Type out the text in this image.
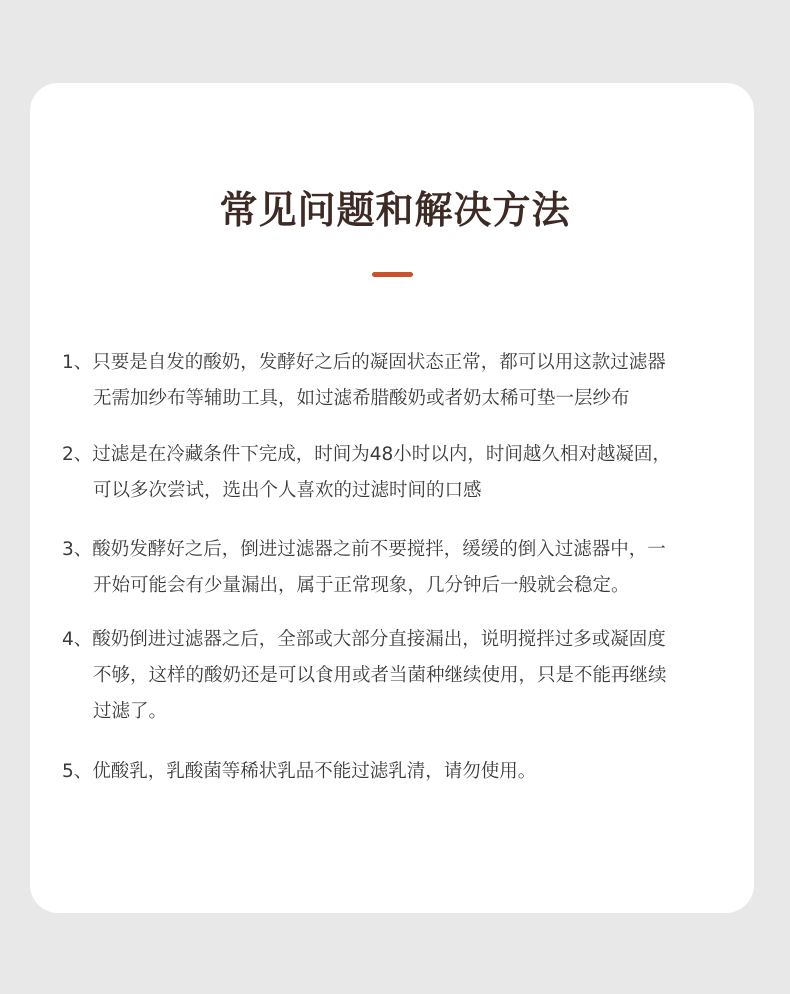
常见问题和解决方法
1、只要是自发的酸奶，发酵好之后的凝固状态正常，都可以用这款过滤器
无需加纱布等辅助工具，如过滤希腊酸奶或者奶太稀可垫一层纱布
2、过滤是在冷藏条件下完成，时间为48小时以内，时间越久相对越凝固，
可以多次尝试，选出个人喜欢的过滤时间的口感
3、酸奶发酵好之后，倒进过滤器之前不要搅拌，缓缓的倒入过滤器中，一
开始可能会有少量漏出，属于正常现象，几分钟后一般就会稳定。
4、酸奶倒进过滤器之后，全部或大部分直接漏出，说明搅拌过多或凝固度
不够，这样的酸奶还是可以食用或者当菌种继续使用，只是不能再继续
过滤了。
5、优酸乳，乳酸菌等稀状乳品不能过滤乳清，请勿使用。
